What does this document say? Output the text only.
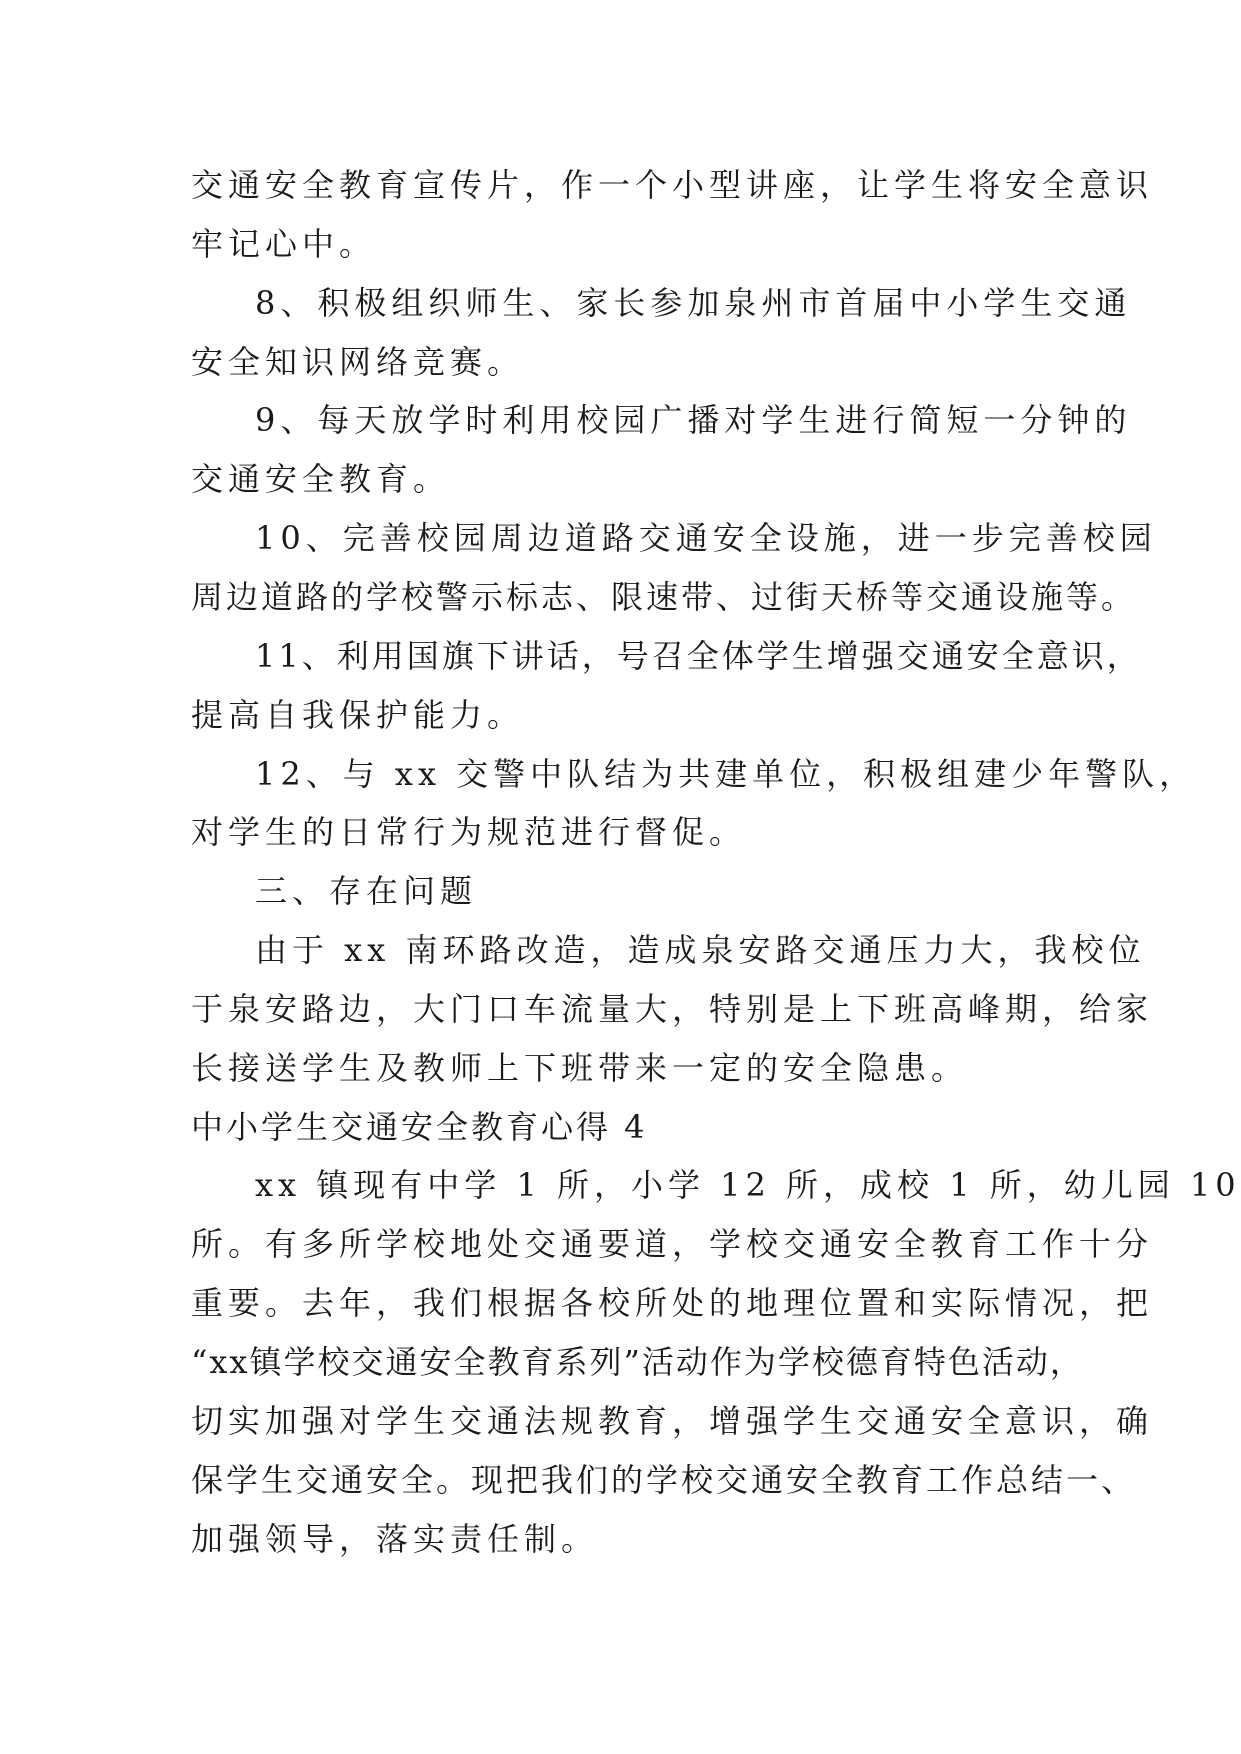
交通安全教育宣传片，作一个小型讲座，让学生将安全意识
牢记心中。
8、积极组织师生、家长参加泉州市首届中小学生交通
安全知识网络竞赛。
9、每天放学时利用校园广播对学生进行简短一分钟的
交通安全教育。
10、完善校园周边道路交通安全设施，进一步完善校园
周边道路的学校警示标志、限速带、过街天桥等交通设施等。
11、利用国旗下讲话，号召全体学生增强交通安全意识，
提高自我保护能力。
12、与 xx 交警中队结为共建单位，积极组建少年警队，
对学生的日常行为规范进行督促。
三、存在问题
由于 xx 南环路改造，造成泉安路交通压力大，我校位
于泉安路边，大门口车流量大，特别是上下班高峰期，给家
长接送学生及教师上下班带来一定的安全隐患。
中小学生交通安全教育心得 4
xx 镇现有中学 1 所，小学 12 所，成校 1 所，幼儿园 10
所。有多所学校地处交通要道，学校交通安全教育工作十分
重要。去年，我们根据各校所处的地理位置和实际情况，把
“xx镇学校交通安全教育系列”活动作为学校德育特色活动，
切实加强对学生交通法规教育，增强学生交通安全意识，确
保学生交通安全。现把我们的学校交通安全教育工作总结一、
加强领导，落实责任制。
